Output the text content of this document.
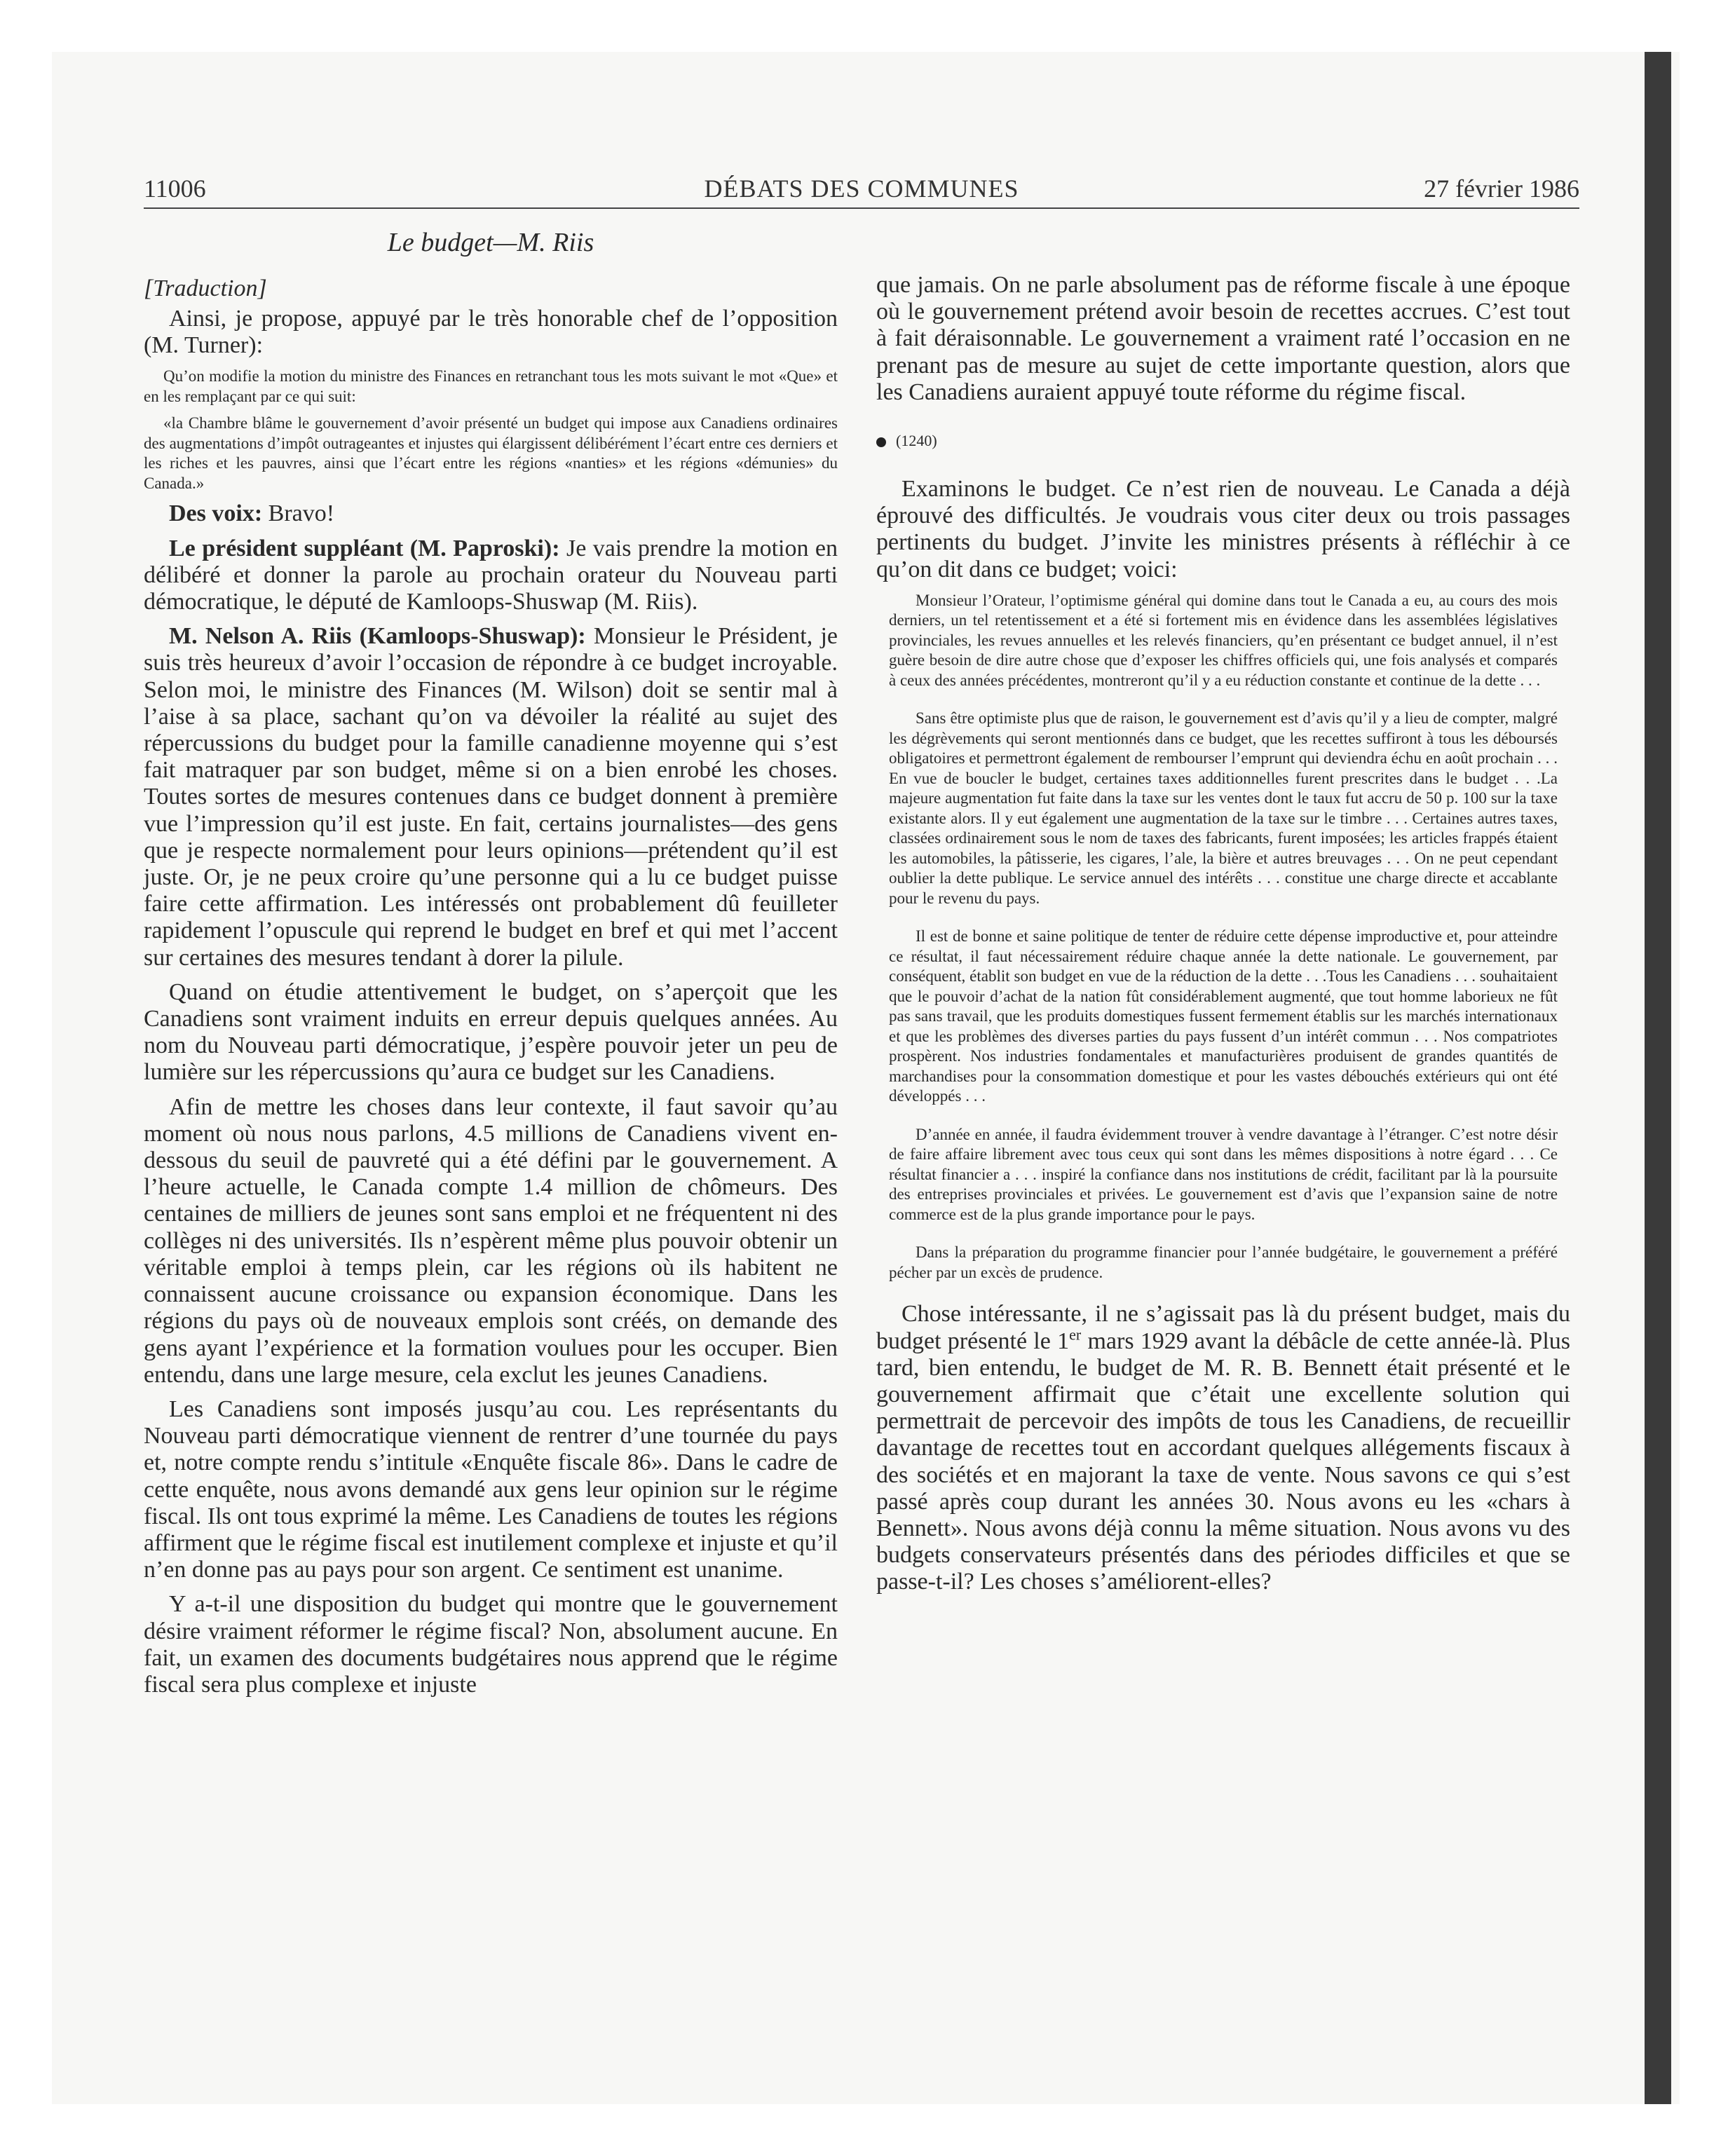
11006	DÉBATS DES COMMUNES	27 février 1986
Le budget—M. Riis
[Traduction]

Ainsi, je propose, appuyé par le très honorable chef de l’opposition (M. Turner):

Qu’on modifie la motion du ministre des Finances en retranchant tous les mots suivant le mot «Que» et en les remplaçant par ce qui suit:

«la Chambre blâme le gouvernement d’avoir présenté un budget qui impose aux Canadiens ordinaires des augmentations d’impôt outrageantes et injustes qui élargissent délibérément l’écart entre ces derniers et les riches et les pauvres, ainsi que l’écart entre les régions «nanties» et les régions «démunies» du Canada.»

Des voix: Bravo!

Le président suppléant (M. Paproski): Je vais prendre la motion en délibéré et donner la parole au prochain orateur du Nouveau parti démocratique, le député de Kamloops-Shuswap (M. Riis).

M. Nelson A. Riis (Kamloops-Shuswap): Monsieur le Président, je suis très heureux d’avoir l’occasion de répondre à ce budget incroyable. Selon moi, le ministre des Finances (M. Wilson) doit se sentir mal à l’aise à sa place, sachant qu’on va dévoiler la réalité au sujet des répercussions du budget pour la famille canadienne moyenne qui s’est fait matraquer par son budget, même si on a bien enrobé les choses. Toutes sortes de mesures contenues dans ce budget donnent à première vue l’impression qu’il est juste. En fait, certains journalistes—des gens que je respecte normalement pour leurs opinions—prétendent qu’il est juste. Or, je ne peux croire qu’une personne qui a lu ce budget puisse faire cette affirmation. Les intéressés ont probablement dû feuilleter rapidement l’opuscule qui reprend le budget en bref et qui met l’accent sur certaines des mesures tendant à dorer la pilule.

Quand on étudie attentivement le budget, on s’aperçoit que les Canadiens sont vraiment induits en erreur depuis quelques années. Au nom du Nouveau parti démocratique, j’espère pouvoir jeter un peu de lumière sur les répercussions qu’aura ce budget sur les Canadiens.

Afin de mettre les choses dans leur contexte, il faut savoir qu’au moment où nous nous parlons, 4.5 millions de Canadiens vivent en-dessous du seuil de pauvreté qui a été défini par le gouvernement. A l’heure actuelle, le Canada compte 1.4 million de chômeurs. Des centaines de milliers de jeunes sont sans emploi et ne fréquentent ni des collèges ni des universités. Ils n’espèrent même plus pouvoir obtenir un véritable emploi à temps plein, car les régions où ils habitent ne connaissent aucune croissance ou expansion économique. Dans les régions du pays où de nouveaux emplois sont créés, on demande des gens ayant l’expérience et la formation voulues pour les occuper. Bien entendu, dans une large mesure, cela exclut les jeunes Canadiens.

Les Canadiens sont imposés jusqu’au cou. Les représentants du Nouveau parti démocratique viennent de rentrer d’une tournée du pays et, notre compte rendu s’intitule «Enquête fiscale 86». Dans le cadre de cette enquête, nous avons demandé aux gens leur opinion sur le régime fiscal. Ils ont tous exprimé la même. Les Canadiens de toutes les régions affirment que le régime fiscal est inutilement complexe et injuste et qu’il n’en donne pas au pays pour son argent. Ce sentiment est unanime.

Y a-t-il une disposition du budget qui montre que le gouvernement désire vraiment réformer le régime fiscal? Non, absolument aucune. En fait, un examen des documents budgétaires nous apprend que le régime fiscal sera plus complexe et injuste

que jamais. On ne parle absolument pas de réforme fiscale à une époque où le gouvernement prétend avoir besoin de recettes accrues. C’est tout à fait déraisonnable. Le gouvernement a vraiment raté l’occasion en ne prenant pas de mesure au sujet de cette importante question, alors que les Canadiens auraient appuyé toute réforme du régime fiscal.

(1240)

Examinons le budget. Ce n’est rien de nouveau. Le Canada a déjà éprouvé des difficultés. Je voudrais vous citer deux ou trois passages pertinents du budget. J’invite les ministres présents à réfléchir à ce qu’on dit dans ce budget; voici:

Monsieur l’Orateur, l’optimisme général qui domine dans tout le Canada a eu, au cours des mois derniers, un tel retentissement et a été si fortement mis en évidence dans les assemblées législatives provinciales, les revues annuelles et les relevés financiers, qu’en présentant ce budget annuel, il n’est guère besoin de dire autre chose que d’exposer les chiffres officiels qui, une fois analysés et comparés à ceux des années précédentes, montreront qu’il y a eu réduction constante et continue de la dette . . .

Sans être optimiste plus que de raison, le gouvernement est d’avis qu’il y a lieu de compter, malgré les dégrèvements qui seront mentionnés dans ce budget, que les recettes suffiront à tous les déboursés obligatoires et permettront également de rembourser l’emprunt qui deviendra échu en août prochain . . . En vue de boucler le budget, certaines taxes additionnelles furent prescrites dans le budget . . .La majeure augmentation fut faite dans la taxe sur les ventes dont le taux fut accru de 50 p. 100 sur la taxe existante alors. Il y eut également une augmentation de la taxe sur le timbre . . . Certaines autres taxes, classées ordinairement sous le nom de taxes des fabricants, furent imposées; les articles frappés étaient les automobiles, la pâtisserie, les cigares, l’ale, la bière et autres breuvages . . . On ne peut cependant oublier la dette publique. Le service annuel des intérêts . . . constitue une charge directe et accablante pour le revenu du pays.

Il est de bonne et saine politique de tenter de réduire cette dépense improductive et, pour atteindre ce résultat, il faut nécessairement réduire chaque année la dette nationale. Le gouvernement, par conséquent, établit son budget en vue de la réduction de la dette . . .Tous les Canadiens . . . souhaitaient que le pouvoir d’achat de la nation fût considérablement augmenté, que tout homme laborieux ne fût pas sans travail, que les produits domestiques fussent fermement établis sur les marchés internationaux et que les problèmes des diverses parties du pays fussent d’un intérêt commun . . . Nos compatriotes prospèrent. Nos industries fondamentales et manufacturières produisent de grandes quantités de marchandises pour la consommation domestique et pour les vastes débouchés extérieurs qui ont été développés . . .

D’année en année, il faudra évidemment trouver à vendre davantage à l’étranger. C’est notre désir de faire affaire librement avec tous ceux qui sont dans les mêmes dispositions à notre égard . . . Ce résultat financier a . . . inspiré la confiance dans nos institutions de crédit, facilitant par là la poursuite des entreprises provinciales et privées. Le gouvernement est d’avis que l’expansion saine de notre commerce est de la plus grande importance pour le pays.

Dans la préparation du programme financier pour l’année budgétaire, le gouvernement a préféré pécher par un excès de prudence.

Chose intéressante, il ne s’agissait pas là du présent budget, mais du budget présenté le 1er mars 1929 avant la débâcle de cette année-là. Plus tard, bien entendu, le budget de M. R. B. Bennett était présenté et le gouvernement affirmait que c’était une excellente solution qui permettrait de percevoir des impôts de tous les Canadiens, de recueillir davantage de recettes tout en accordant quelques allégements fiscaux à des sociétés et en majorant la taxe de vente. Nous savons ce qui s’est passé après coup durant les années 30. Nous avons eu les «chars à Bennett». Nous avons déjà connu la même situation. Nous avons vu des budgets conservateurs présentés dans des périodes difficiles et que se passe-t-il? Les choses s’améliorent-elles?
